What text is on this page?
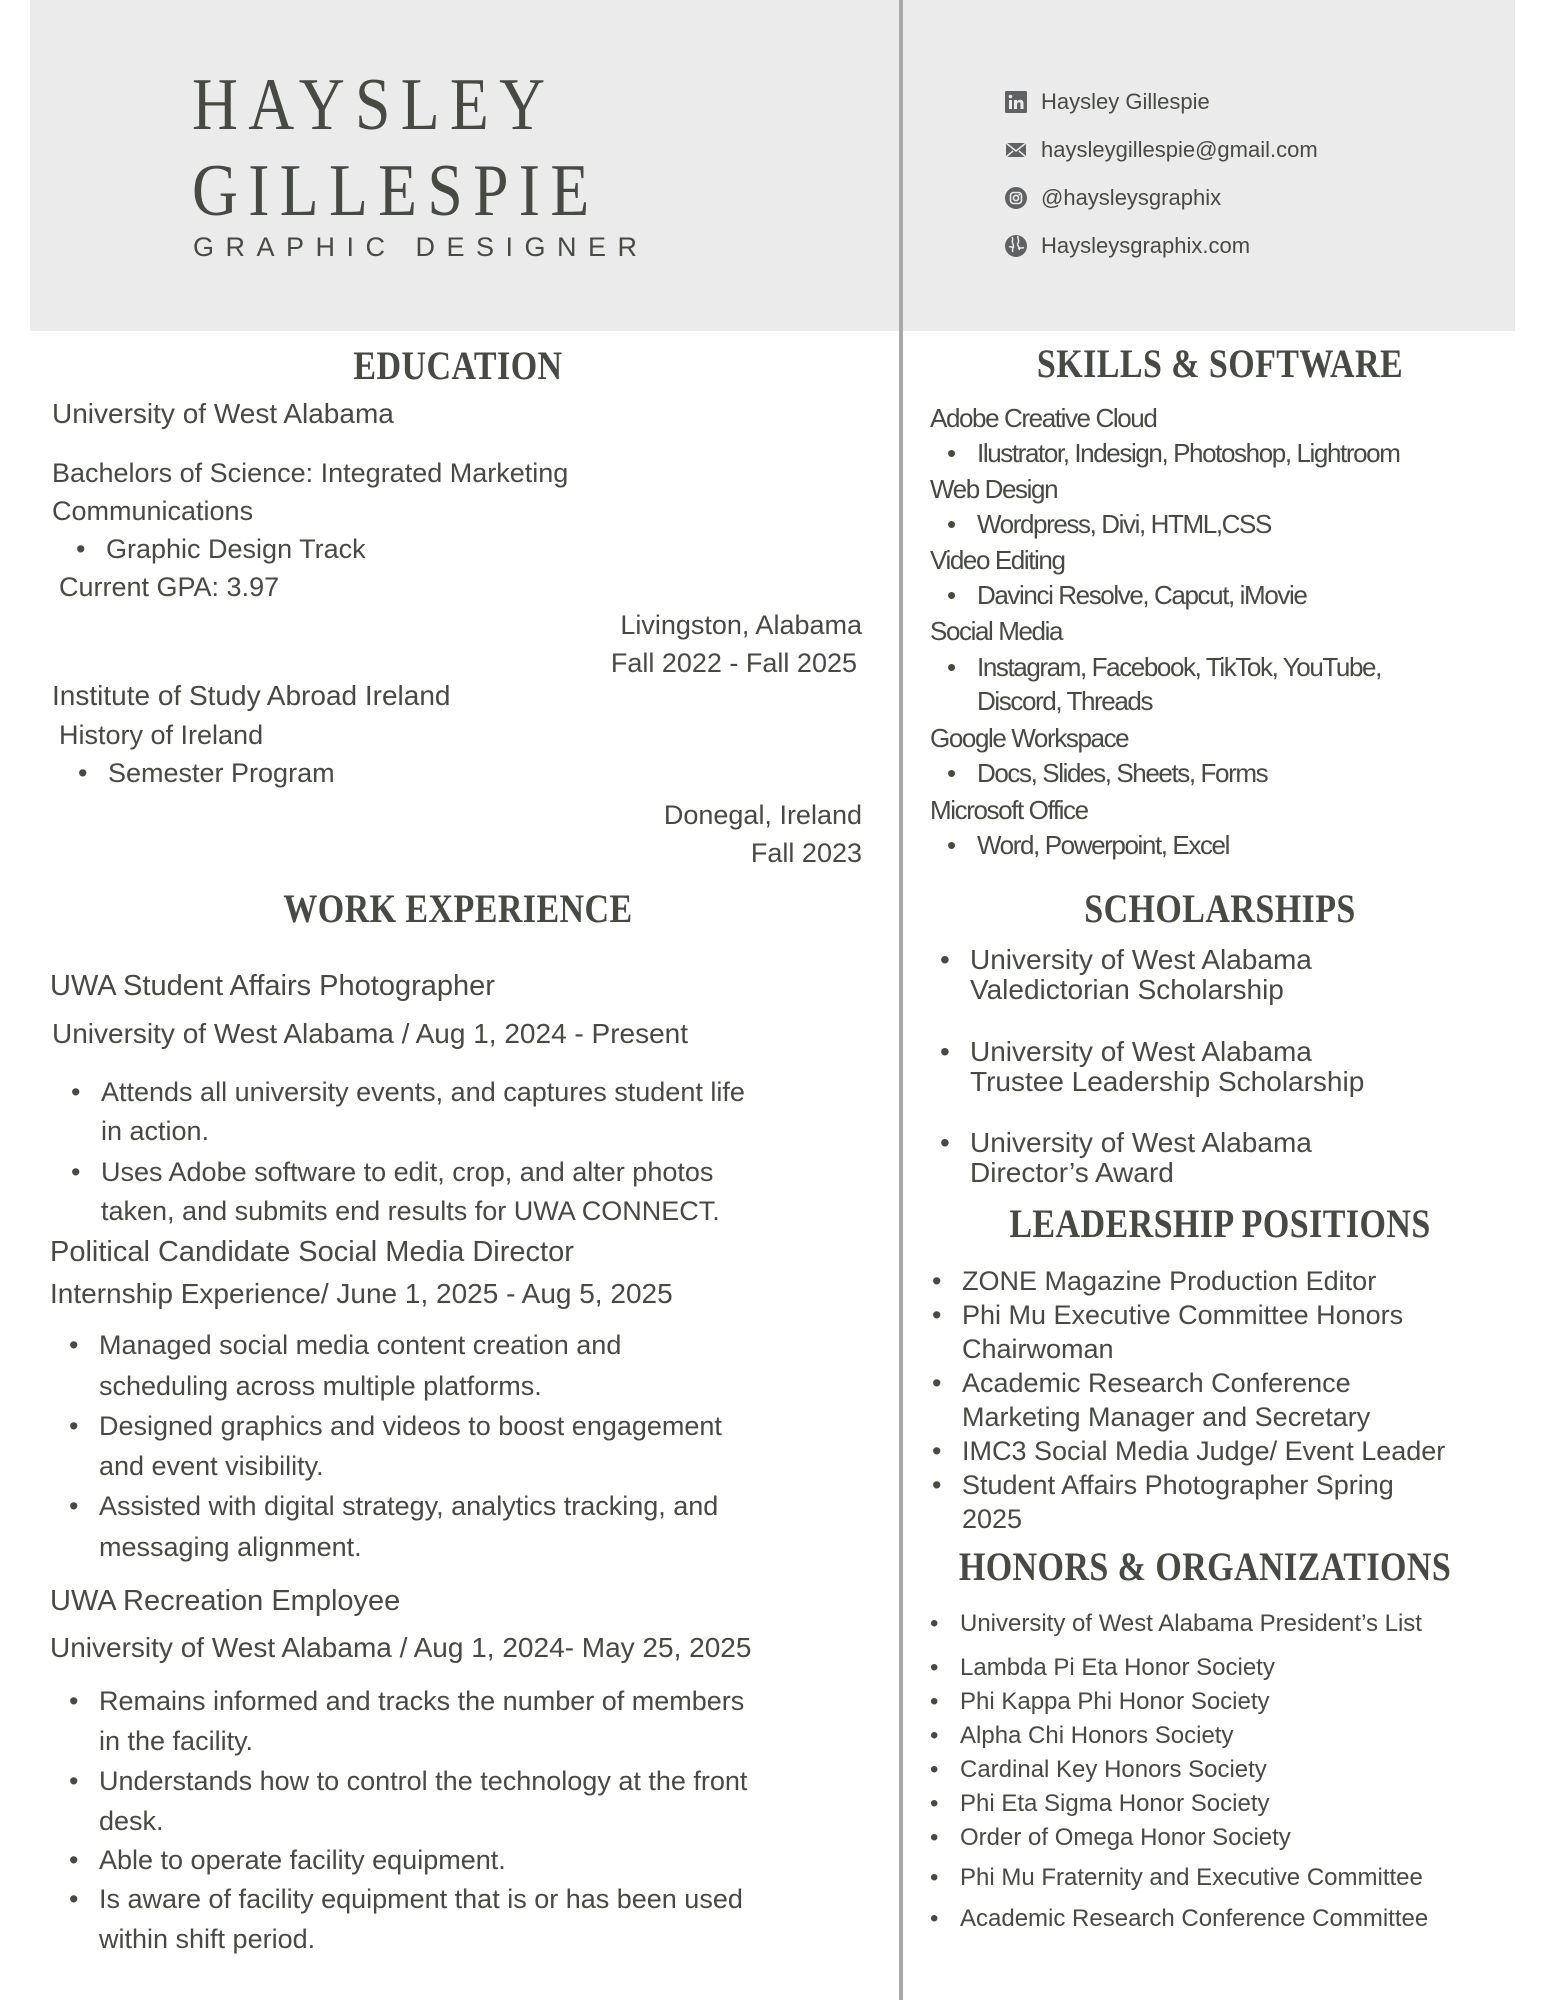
HAYSLEY
GILLESPIE
GRAPHIC DESIGNER
Haysley Gillespie
haysleygillespie@gmail.com
@haysleysgraphix
Haysleysgraphix.com
EDUCATION
University of West Alabama
Bachelors of Science: Integrated Marketing
Communications
• Graphic Design Track
Current GPA: 3.97
Livingston, Alabama
Fall 2022 - Fall 2025
Institute of Study Abroad Ireland
History of Ireland
• Semester Program
Donegal, Ireland
Fall 2023
WORK EXPERIENCE
UWA Student Affairs Photographer
University of West Alabama / Aug 1, 2024 - Present
• Attends all university events, and captures student life
in action.
• Uses Adobe software to edit, crop, and alter photos
taken, and submits end results for UWA CONNECT.
Political Candidate Social Media Director
Internship Experience/ June 1, 2025 - Aug 5, 2025
• Managed social media content creation and
scheduling across multiple platforms.
• Designed graphics and videos to boost engagement
and event visibility.
• Assisted with digital strategy, analytics tracking, and
messaging alignment.
UWA Recreation Employee
University of West Alabama / Aug 1, 2024- May 25, 2025
• Remains informed and tracks the number of members
in the facility.
• Understands how to control the technology at the front
desk.
• Able to operate facility equipment.
• Is aware of facility equipment that is or has been used
within shift period.
SKILLS & SOFTWARE
Adobe Creative Cloud
• Ilustrator, Indesign, Photoshop, Lightroom
Web Design
• Wordpress, Divi, HTML,CSS
Video Editing
• Davinci Resolve, Capcut, iMovie
Social Media
• Instagram, Facebook, TikTok, YouTube,
Discord, Threads
Google Workspace
• Docs, Slides, Sheets, Forms
Microsoft Office
• Word, Powerpoint, Excel
SCHOLARSHIPS
• University of West Alabama
Valedictorian Scholarship
• University of West Alabama
Trustee Leadership Scholarship
• University of West Alabama
Director’s Award
LEADERSHIP POSITIONS
• ZONE Magazine Production Editor
• Phi Mu Executive Committee Honors
Chairwoman
• Academic Research Conference
Marketing Manager and Secretary
• IMC3 Social Media Judge/ Event Leader
• Student Affairs Photographer Spring
2025
HONORS & ORGANIZATIONS
• University of West Alabama President’s List
• Lambda Pi Eta Honor Society
• Phi Kappa Phi Honor Society
• Alpha Chi Honors Society
• Cardinal Key Honors Society
• Phi Eta Sigma Honor Society
• Order of Omega Honor Society
• Phi Mu Fraternity and Executive Committee
• Academic Research Conference Committee
